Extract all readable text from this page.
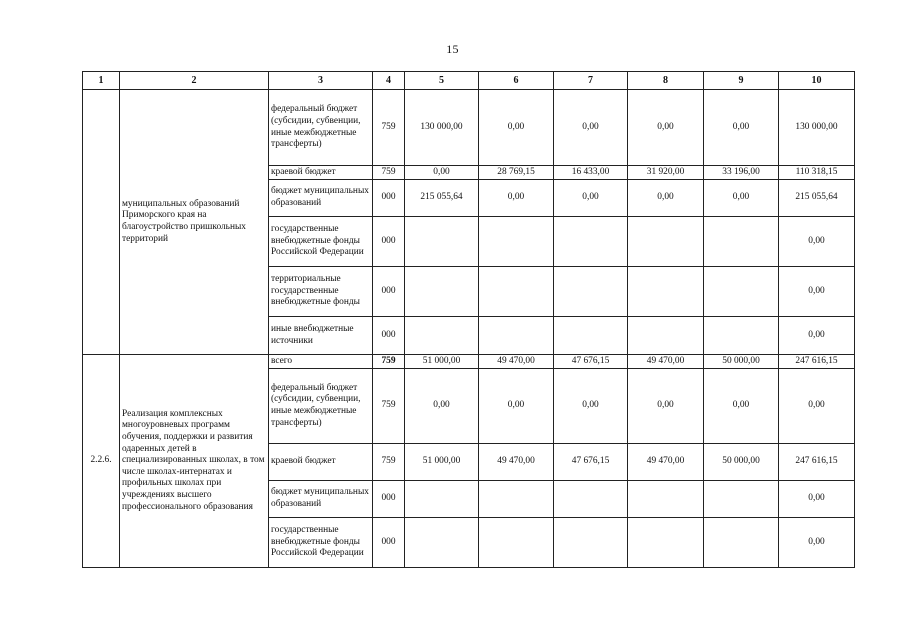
15
1	2	3	4	5	6	7	8	9	10
	муниципальных образований Приморского края на благоустройство пришкольных территорий	федеральный бюджет (субсидии, субвенции, иные межбюджетные трансферты)	759	130 000,00	0,00	0,00	0,00	0,00	130 000,00
		краевой бюджет	759	0,00	28 769,15	16 433,00	31 920,00	33 196,00	110 318,15
		бюджет муниципальных образований	000	215 055,64	0,00	0,00	0,00	0,00	215 055,64
		государственные внебюджетные фонды Российской Федерации	000						0,00
		территориальные государственные внебюджетные фонды	000						0,00
		иные внебюджетные источники	000						0,00
2.2.6.	Реализация комплексных многоуровневых программ обучения, поддержки и развития одаренных детей в специализированных школах, в том числе школах-интернатах и профильных школах при учреждениях высшего профессионального образования	всего	759	51 000,00	49 470,00	47 676,15	49 470,00	50 000,00	247 616,15
		федеральный бюджет (субсидии, субвенции, иные межбюджетные трансферты)	759	0,00	0,00	0,00	0,00	0,00	0,00
		краевой бюджет	759	51 000,00	49 470,00	47 676,15	49 470,00	50 000,00	247 616,15
		бюджет муниципальных образований	000						0,00
		государственные внебюджетные фонды Российской Федерации	000						0,00
